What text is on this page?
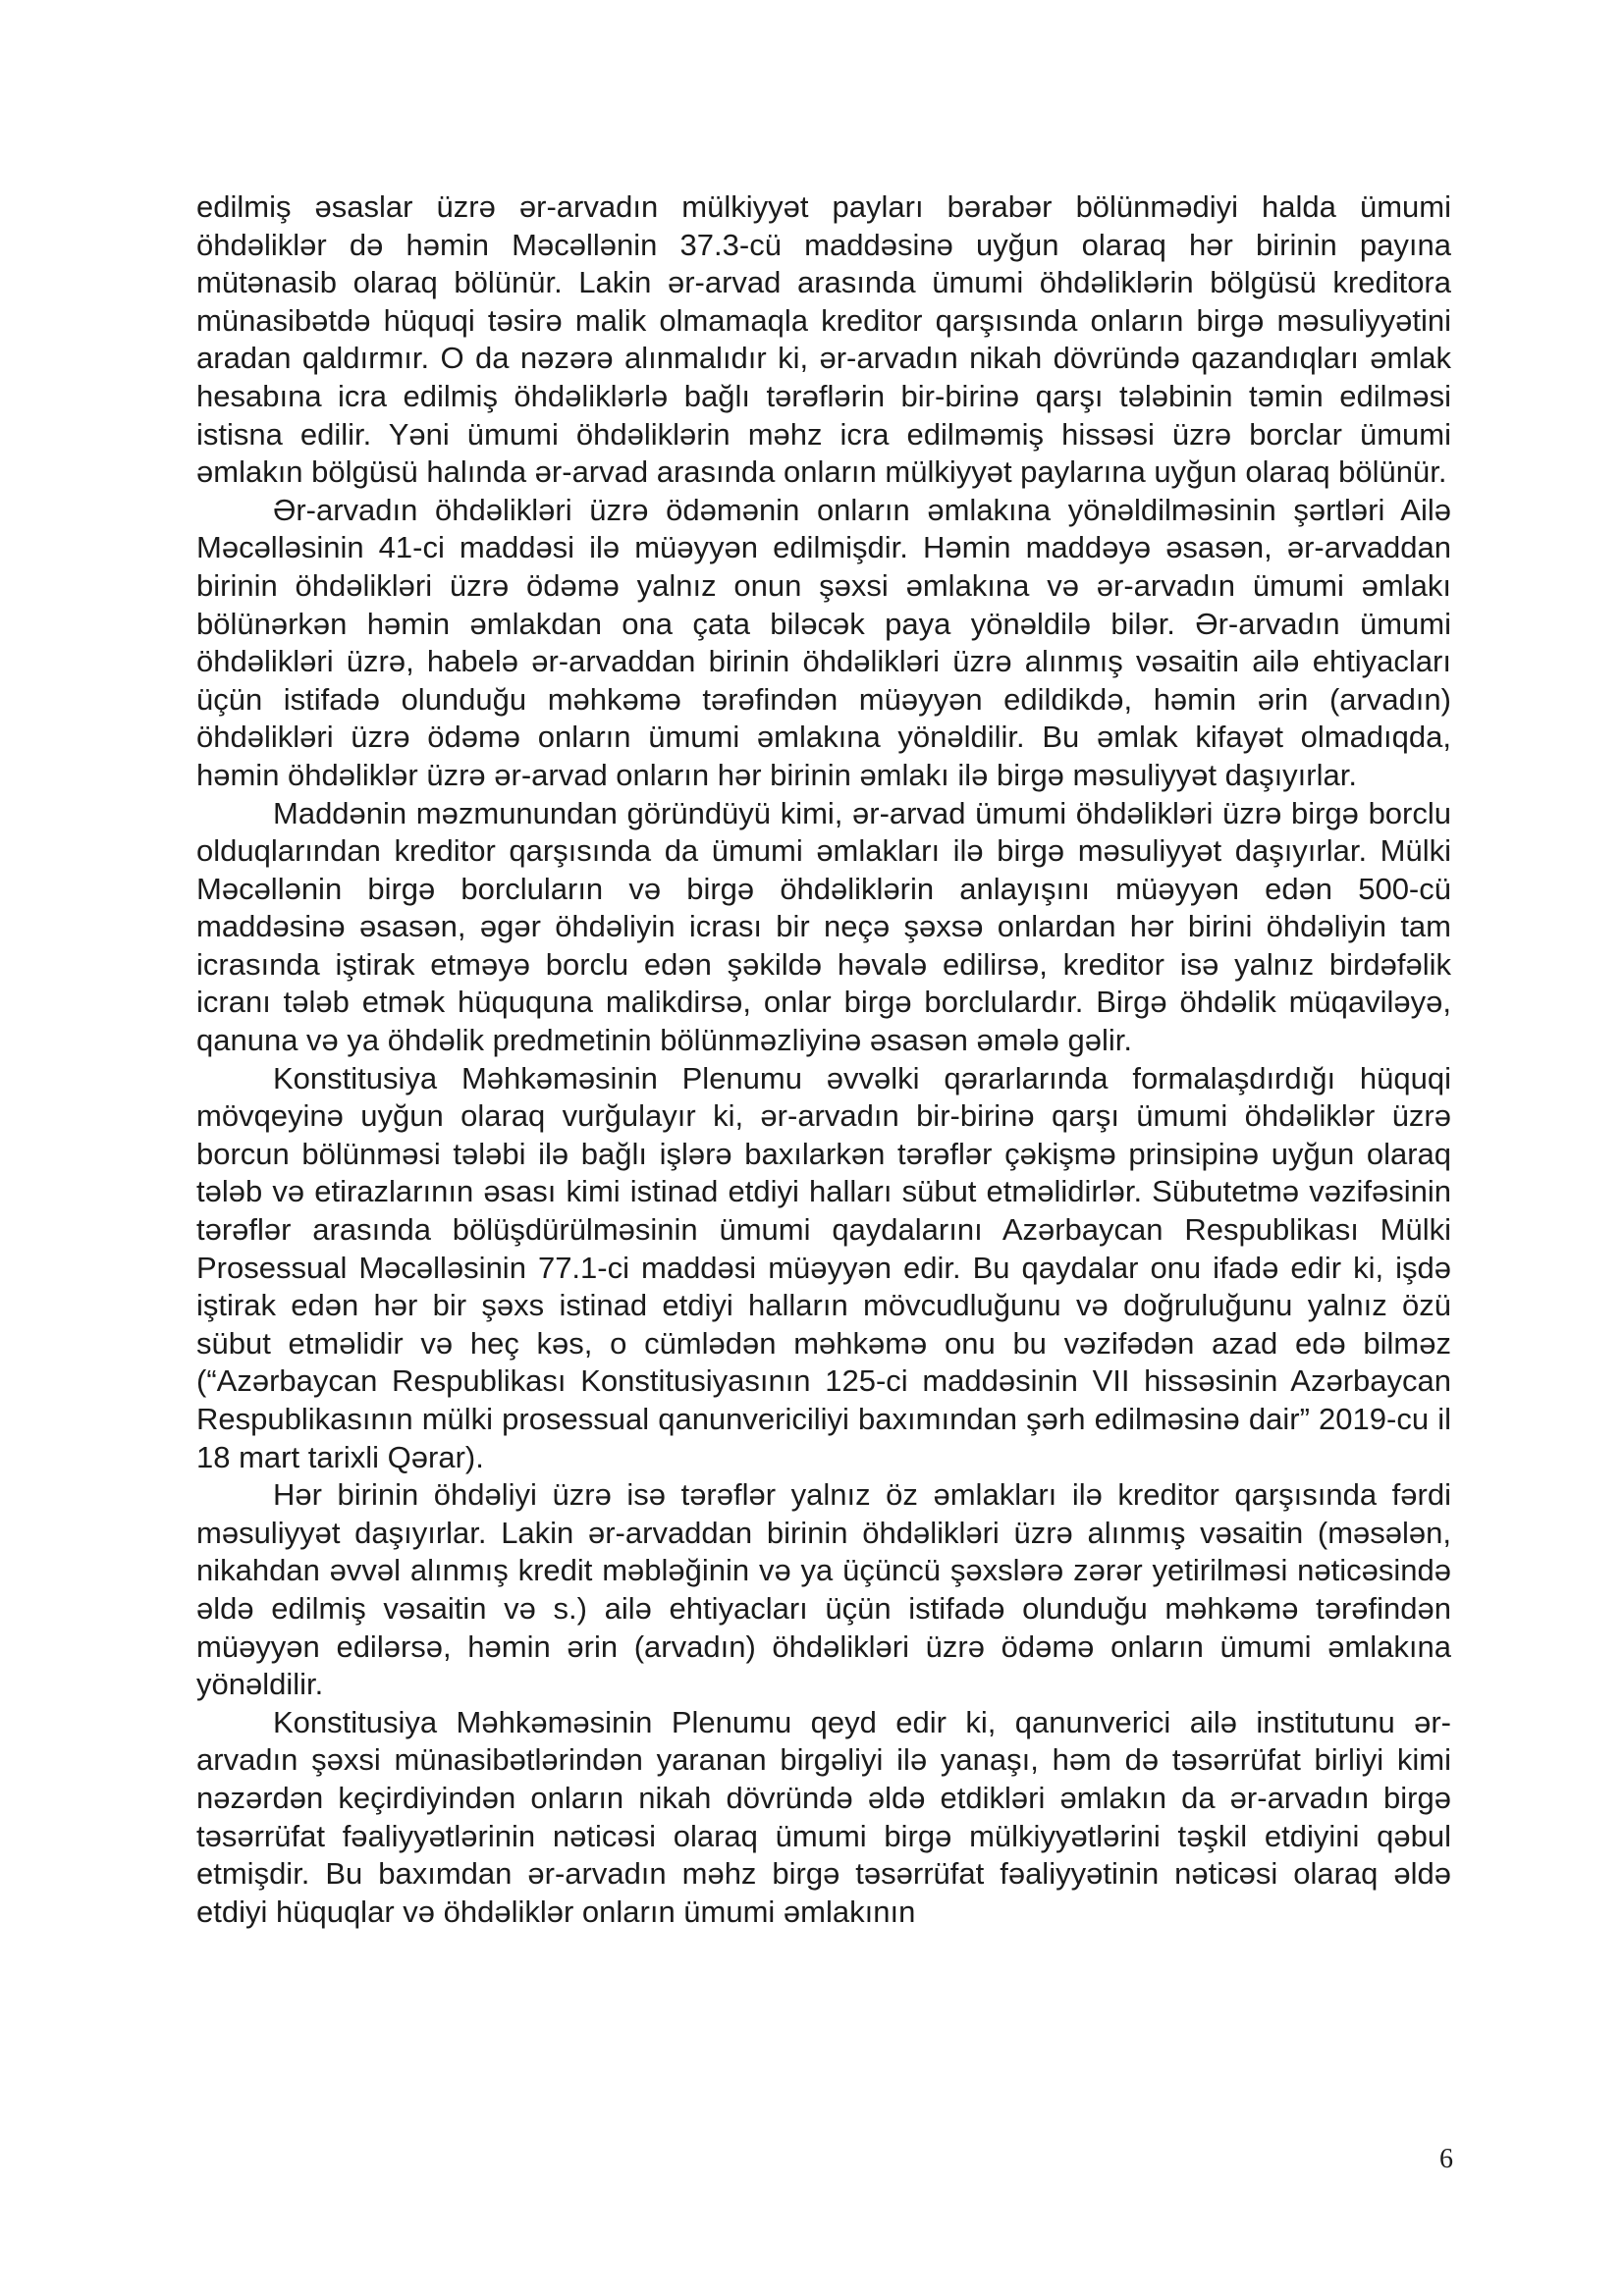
edilmiş əsaslar üzrə ər-arvadın mülkiyyət payları bərabər bölünmədiyi halda ümumi öhdəliklər də həmin Məcəllənin 37.3-cü maddəsinə uyğun olaraq hər birinin payına mütənasib olaraq bölünür. Lakin ər-arvad arasında ümumi öhdəliklərin bölgüsü kreditora münasibətdə hüquqi təsirə malik olmamaqla kreditor qarşısında onların birgə məsuliyyətini aradan qaldırmır. O da nəzərə alınmalıdır ki, ər-arvadın nikah dövründə qazandıqları əmlak hesabına icra edilmiş öhdəliklərlə bağlı tərəflərin bir-birinə qarşı tələbinin təmin edilməsi istisna edilir. Yəni ümumi öhdəliklərin məhz icra edilməmiş hissəsi üzrə borclar ümumi əmlakın bölgüsü halında ər-arvad arasında onların mülkiyyət paylarına uyğun olaraq bölünür.

Ər-arvadın öhdəlikləri üzrə ödəmənin onların əmlakına yönəldilməsinin şərtləri Ailə Məcəlləsinin 41-ci maddəsi ilə müəyyən edilmişdir. Həmin maddəyə əsasən, ər-arvaddan birinin öhdəlikləri üzrə ödəmə yalnız onun şəxsi əmlakına və ər-arvadın ümumi əmlakı bölünərkən həmin əmlakdan ona çata biləcək paya yönəldilə bilər. Ər-arvadın ümumi öhdəlikləri üzrə, habelə ər-arvaddan birinin öhdəlikləri üzrə alınmış vəsaitin ailə ehtiyacları üçün istifadə olunduğu məhkəmə tərəfindən müəyyən edildikdə, həmin ərin (arvadın) öhdəlikləri üzrə ödəmə onların ümumi əmlakına yönəldilir. Bu əmlak kifayət olmadıqda, həmin öhdəliklər üzrə ər-arvad onların hər birinin əmlakı ilə birgə məsuliyyət daşıyırlar.

Maddənin məzmunundan göründüyü kimi, ər-arvad ümumi öhdəlikləri üzrə birgə borclu olduqlarından kreditor qarşısında da ümumi əmlakları ilə birgə məsuliyyət daşıyırlar. Mülki Məcəllənin birgə borcluların və birgə öhdəliklərin anlayışını müəyyən edən 500-cü maddəsinə əsasən, əgər öhdəliyin icrası bir neçə şəxsə onlardan hər birini öhdəliyin tam icrasında iştirak etməyə borclu edən şəkildə həvalə edilirsə, kreditor isə yalnız birdəfəlik icranı tələb etmək hüququna malikdirsə, onlar birgə borclulardır. Birgə öhdəlik müqaviləyə, qanuna və ya öhdəlik predmetinin bölünməzliyinə əsasən əmələ gəlir.

Konstitusiya Məhkəməsinin Plenumu əvvəlki qərarlarında formalaşdırdığı hüquqi mövqeyinə uyğun olaraq vurğulayır ki, ər-arvadın bir-birinə qarşı ümumi öhdəliklər üzrə borcun bölünməsi tələbi ilə bağlı işlərə baxılarkən tərəflər çəkişmə prinsipinə uyğun olaraq tələb və etirazlarının əsası kimi istinad etdiyi halları sübut etməlidirlər. Sübutetmə vəzifəsinin tərəflər arasında bölüşdürülməsinin ümumi qaydalarını Azərbaycan Respublikası Mülki Prosessual Məcəlləsinin 77.1-ci maddəsi müəyyən edir. Bu qaydalar onu ifadə edir ki, işdə iştirak edən hər bir şəxs istinad etdiyi halların mövcudluğunu və doğruluğunu yalnız özü sübut etməlidir və heç kəs, o cümlədən məhkəmə onu bu vəzifədən azad edə bilməz (“Azərbaycan Respublikası Konstitusiyasının 125-ci maddəsinin VII hissəsinin Azərbaycan Respublikasının mülki prosessual qanunvericiliyi baxımından şərh edilməsinə dair” 2019-cu il 18 mart tarixli Qərar).

Hər birinin öhdəliyi üzrə isə tərəflər yalnız öz əmlakları ilə kreditor qarşısında fərdi məsuliyyət daşıyırlar. Lakin ər-arvaddan birinin öhdəlikləri üzrə alınmış vəsaitin (məsələn, nikahdan əvvəl alınmış kredit məbləğinin və ya üçüncü şəxslərə zərər yetirilməsi nəticəsində əldə edilmiş vəsaitin və s.) ailə ehtiyacları üçün istifadə olunduğu məhkəmə tərəfindən müəyyən edilərsə, həmin ərin (arvadın) öhdəlikləri üzrə ödəmə onların ümumi əmlakına yönəldilir.

Konstitusiya Məhkəməsinin Plenumu qeyd edir ki, qanunverici ailə institutunu ər-arvadın şəxsi münasibətlərindən yaranan birgəliyi ilə yanaşı, həm də təsərrüfat birliyi kimi nəzərdən keçirdiyindən onların nikah dövründə əldə etdikləri əmlakın da ər-arvadın birgə təsərrüfat fəaliyyətlərinin nəticəsi olaraq ümumi birgə mülkiyyətlərini təşkil etdiyini qəbul etmişdir. Bu baxımdan ər-arvadın məhz birgə təsərrüfat fəaliyyətinin nəticəsi olaraq əldə etdiyi hüquqlar və öhdəliklər onların ümumi əmlakının

6
